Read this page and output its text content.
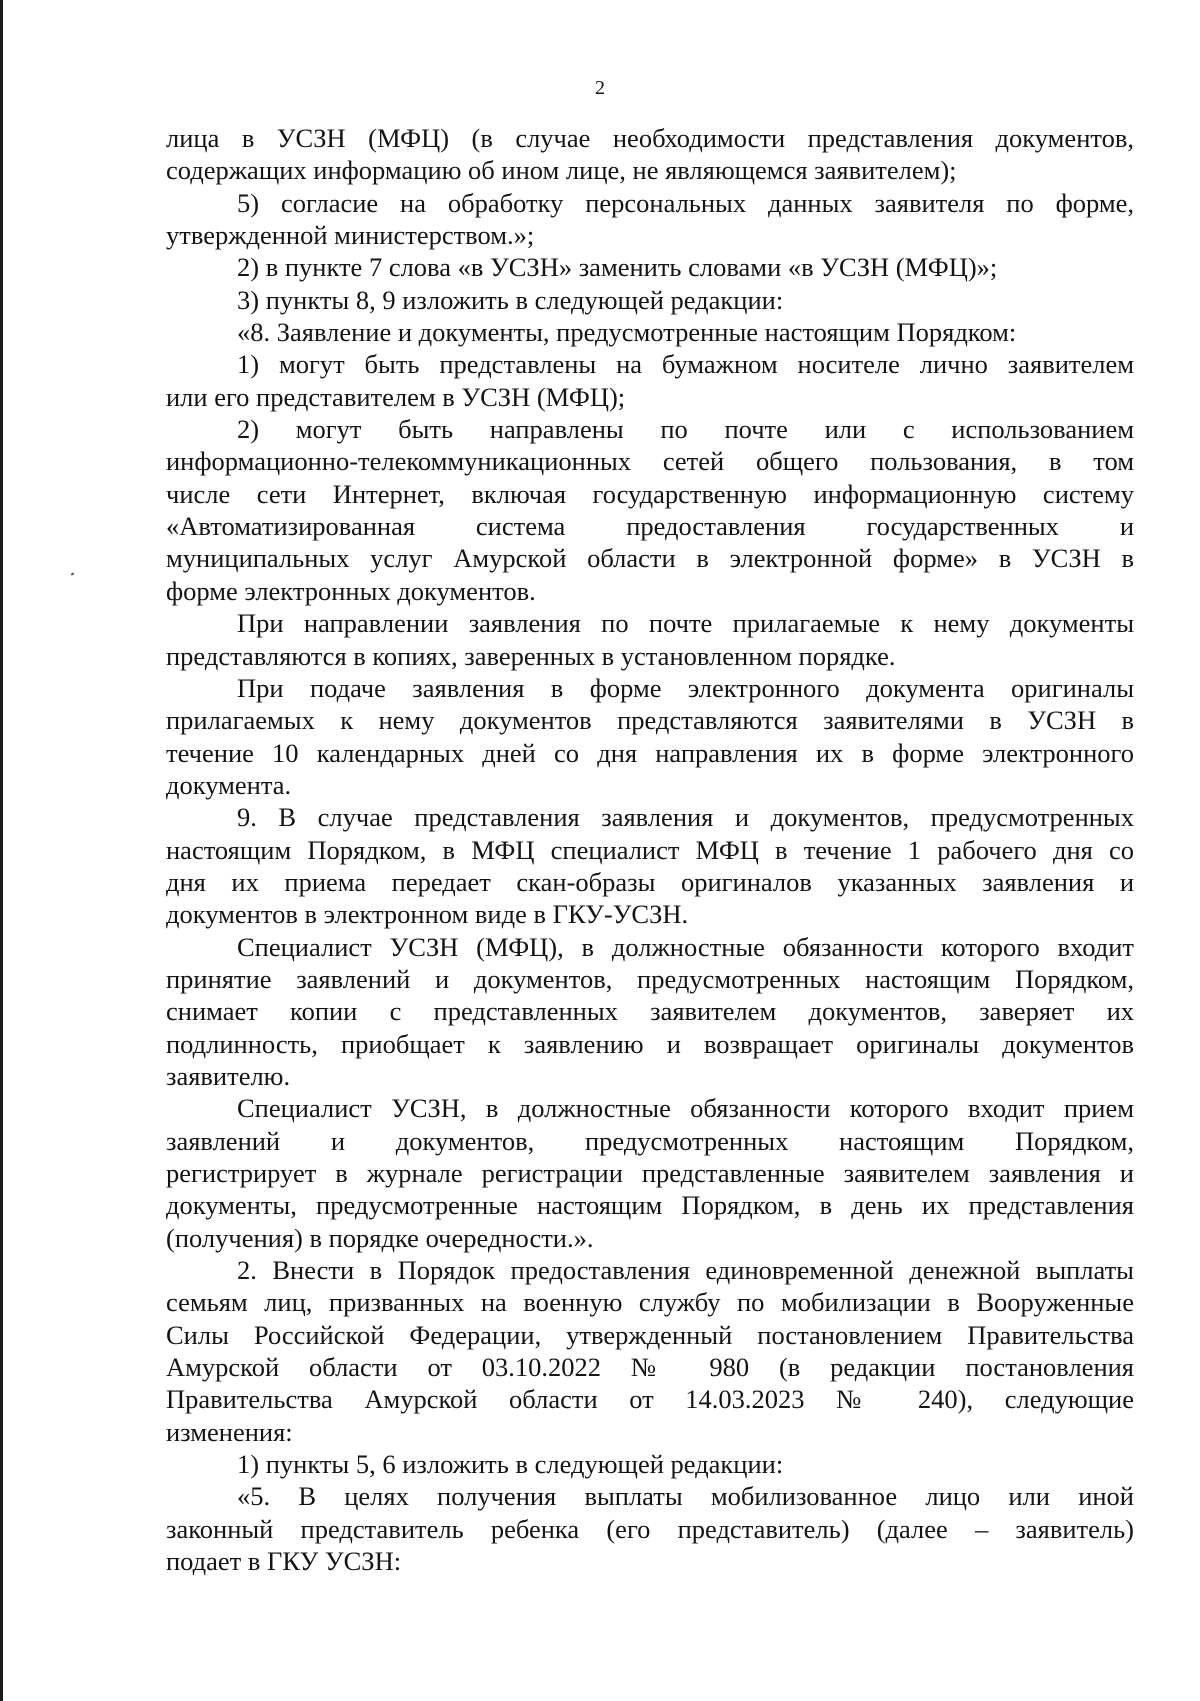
2
лица в УСЗН (МФЦ) (в случае необходимости представления документов,
содержащих информацию об ином лице, не являющемся заявителем);
5) согласие на обработку персональных данных заявителя по форме,
утвержденной министерством.»;
2) в пункте 7 слова «в УСЗН» заменить словами «в УСЗН (МФЦ)»;
3) пункты 8, 9 изложить в следующей редакции:
«8. Заявление и документы, предусмотренные настоящим Порядком:
1) могут быть представлены на бумажном носителе лично заявителем
или его представителем в УСЗН (МФЦ);
2) могут быть направлены по почте или с использованием
информационно-телекоммуникационных сетей общего пользования, в том
числе сети Интернет, включая государственную информационную систему
«Автоматизированная система предоставления государственных и
муниципальных услуг Амурской области в электронной форме» в УСЗН в
форме электронных документов.
При направлении заявления по почте прилагаемые к нему документы
представляются в копиях, заверенных в установленном порядке.
При подаче заявления в форме электронного документа оригиналы
прилагаемых к нему документов представляются заявителями в УСЗН в
течение 10 календарных дней со дня направления их в форме электронного
документа.
9. В случае представления заявления и документов, предусмотренных
настоящим Порядком, в МФЦ специалист МФЦ в течение 1 рабочего дня со
дня их приема передает скан-образы оригиналов указанных заявления и
документов в электронном виде в ГКУ-УСЗН.
Специалист УСЗН (МФЦ), в должностные обязанности которого входит
принятие заявлений и документов, предусмотренных настоящим Порядком,
снимает копии с представленных заявителем документов, заверяет их
подлинность, приобщает к заявлению и возвращает оригиналы документов
заявителю.
Специалист УСЗН, в должностные обязанности которого входит прием
заявлений и документов, предусмотренных настоящим Порядком,
регистрирует в журнале регистрации представленные заявителем заявления и
документы, предусмотренные настоящим Порядком, в день их представления
(получения) в порядке очередности.».
2. Внести в Порядок предоставления единовременной денежной выплаты
семьям лиц, призванных на военную службу по мобилизации в Вооруженные
Силы Российской Федерации, утвержденный постановлением Правительства
Амурской области от 03.10.2022 № 980 (в редакции постановления
Правительства Амурской области от 14.03.2023 № 240), следующие
изменения:
1) пункты 5, 6 изложить в следующей редакции:
«5. В целях получения выплаты мобилизованное лицо или иной
законный представитель ребенка (его представитель) (далее – заявитель)
подает в ГКУ УСЗН:
